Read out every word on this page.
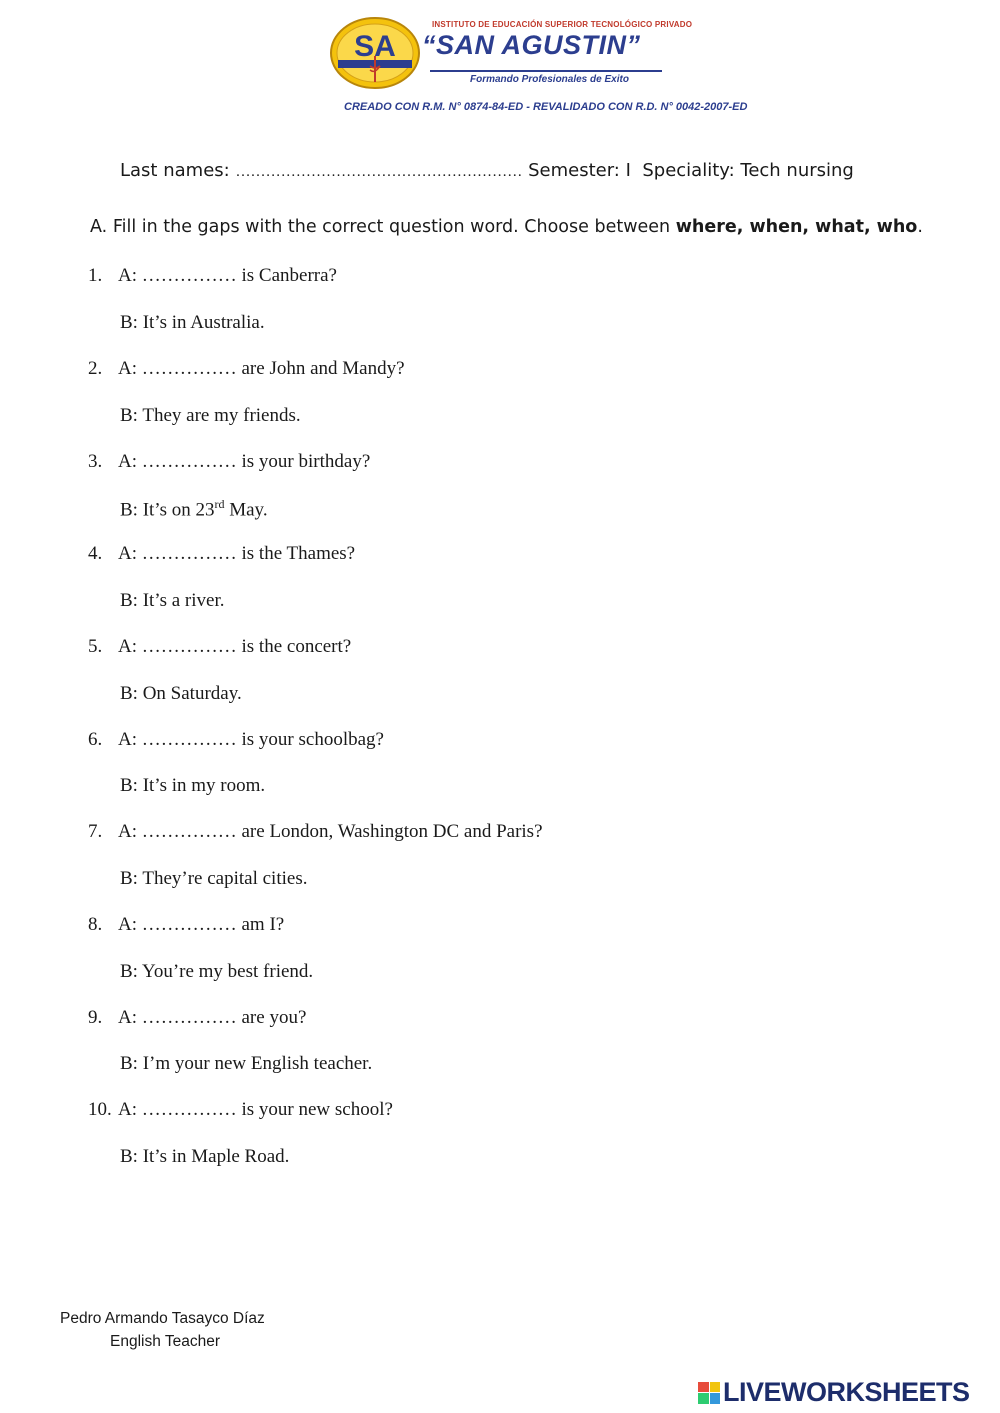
SA
INSTITUTO DE EDUCACIÓN SUPERIOR TECNOLÓGICO PRIVADO
“SAN AGUSTIN”
Formando Profesionales de Exito
CREADO CON R.M. N° 0874-84-ED - REVALIDADO CON R.D. N° 0042-2007-ED
Last names: ………………………………………………… Semester: I Speciality: Tech nursing
A. Fill in the gaps with the correct question word. Choose between where, when, what, who.
1. A: …………… is Canberra?
B: It’s in Australia.
2. A: …………… are John and Mandy?
B: They are my friends.
3. A: …………… is your birthday?
B: It’s on 23rd May.
4. A: …………… is the Thames?
B: It’s a river.
5. A: …………… is the concert?
B: On Saturday.
6. A: …………… is your schoolbag?
B: It’s in my room.
7. A: …………… are London, Washington DC and Paris?
B: They’re capital cities.
8. A: …………… am I?
B: You’re my best friend.
9. A: …………… are you?
B: I’m your new English teacher.
10. A: …………… is your new school?
B: It’s in Maple Road.
Pedro Armando Tasayco Díaz
English Teacher
LIVEWORKSHEETS
